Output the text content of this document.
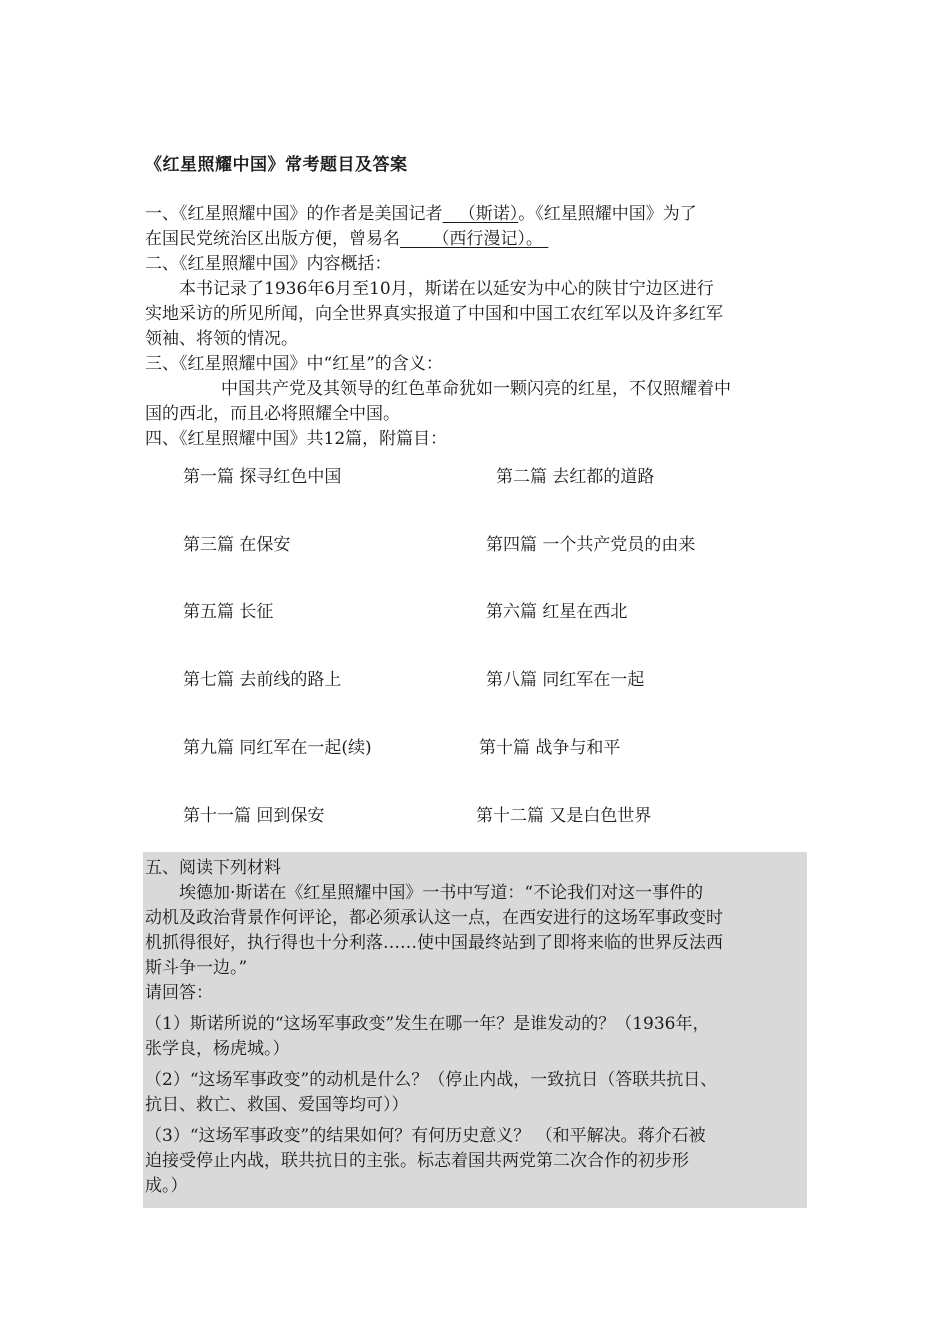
《红星照耀中国》常考题目及答案
一、《红星照耀中国》的作者是美国记者 （斯诺）。《红星照耀中国》为了
在国民党统治区出版方便，曾易名 （西行漫记）。
二、《红星照耀中国》内容概括：
本书记录了1936年6月至10月，斯诺在以延安为中心的陕甘宁边区进行
实地采访的所见所闻，向全世界真实报道了中国和中国工农红军以及许多红军
领袖、将领的情况。
三、《红星照耀中国》中“红星”的含义：
中国共产党及其领导的红色革命犹如一颗闪亮的红星，不仅照耀着中
国的西北，而且必将照耀全中国。
四、《红星照耀中国》共12篇，附篇目：
第一篇 探寻红色中国	第二篇 去红都的道路
第三篇 在保安	第四篇 一个共产党员的由来
第五篇 长征	第六篇 红星在西北
第七篇 去前线的路上	第八篇 同红军在一起
第九篇 同红军在一起(续)	第十篇 战争与和平
第十一篇 回到保安	第十二篇 又是白色世界

五、阅读下列材料

埃德加·斯诺在《红星照耀中国》一书中写道：“不论我们对这一事件的

动机及政治背景作何评论，都必须承认这一点，在西安进行的这场军事政变时

机抓得很好，执行得也十分利落……使中国最终站到了即将来临的世界反法西

斯斗争一边。”

请回答：

（1）斯诺所说的“这场军事政变”发生在哪一年？是谁发动的？（1936年，

张学良，杨虎城。）

（2）“这场军事政变”的动机是什么？（停止内战，一致抗日（答联共抗日、

抗日、救亡、救国、爱国等均可））

（3）“这场军事政变”的结果如何？有何历史意义？ （和平解决。蒋介石被

迫接受停止内战，联共抗日的主张。标志着国共两党第二次合作的初步形

成。）
